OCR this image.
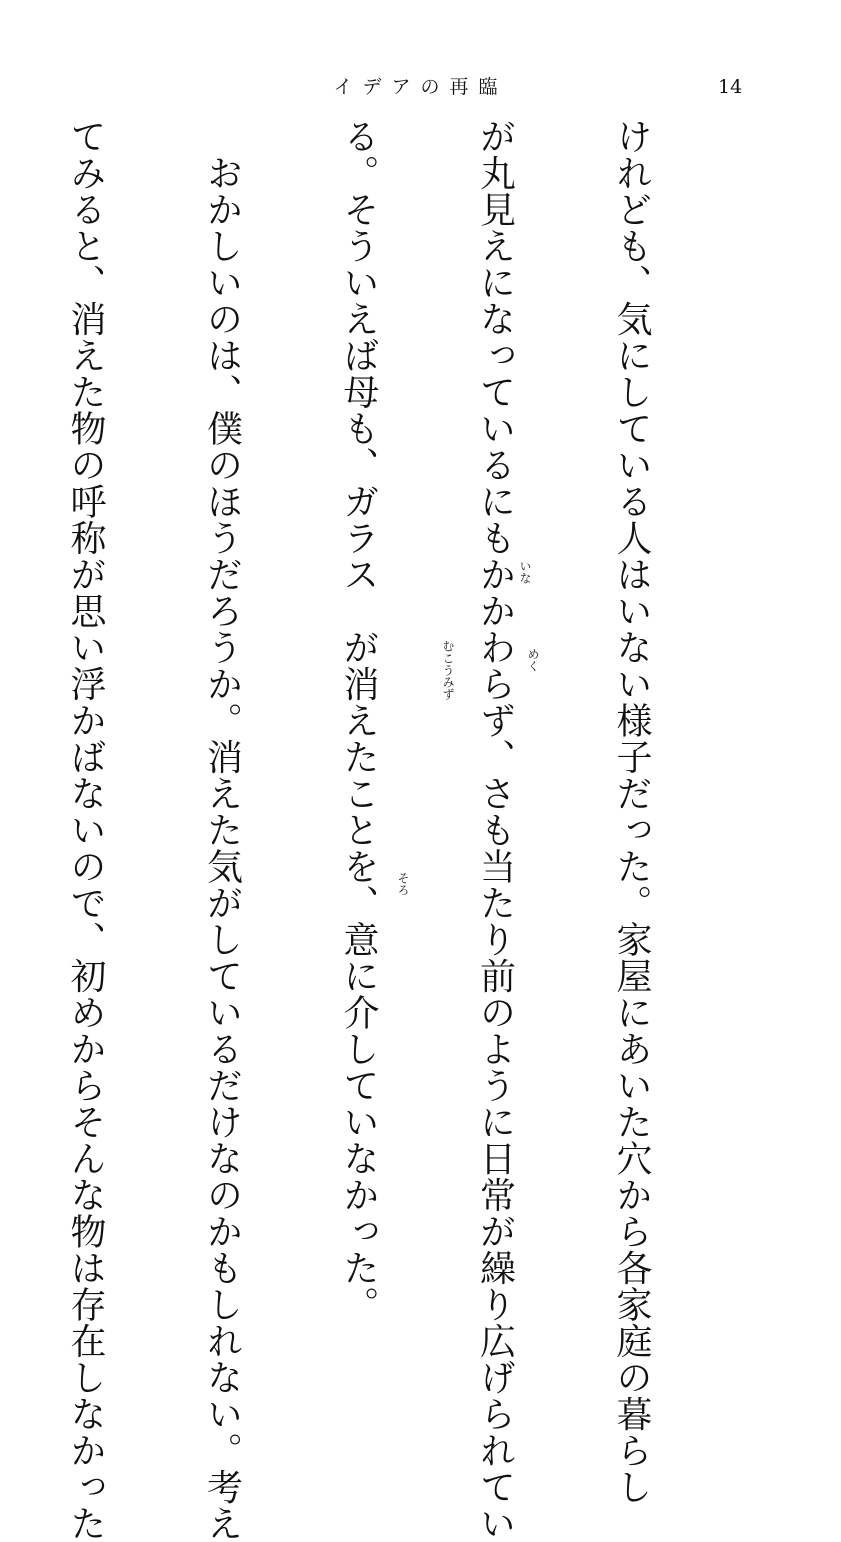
イデアの再臨	14

けれども、気にしている人はいない様子だった。家屋にあいた穴から各家庭の暮らし

が丸見えになっているにもかかわらず、さも当たり前のように日常が繰り広げられてい

る。そういえば母も、ガラス　が消えたことを、意に介していなかった。

　おかしいのは、僕のほうだろうか。消えた気がしているだけなのかもしれない。考え

てみると、消えた物の呼称が思い浮かばないので、初めからそんな物は存在しなかった

	めく
いな
むこうみず
そろ
